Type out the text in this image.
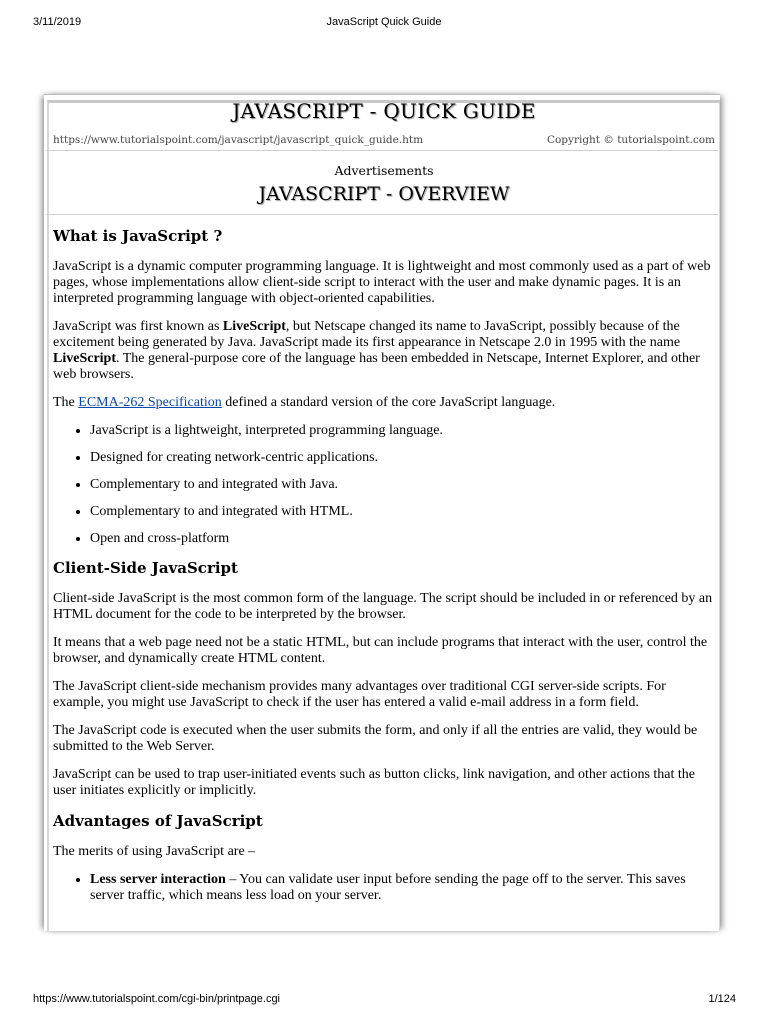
3/11/2019	JavaScript Quick Guide
JAVASCRIPT - QUICK GUIDE
https://www.tutorialspoint.com/javascript/javascript_quick_guide.htm	Copyright © tutorialspoint.com
Advertisements
JAVASCRIPT - OVERVIEW
What is JavaScript ?

JavaScript is a dynamic computer programming language. It is lightweight and most commonly used as a part of web pages, whose implementations allow client-side script to interact with the user and make dynamic pages. It is an interpreted programming language with object-oriented capabilities.

JavaScript was first known as LiveScript, but Netscape changed its name to JavaScript, possibly because of the excitement being generated by Java. JavaScript made its first appearance in Netscape 2.0 in 1995 with the name LiveScript. The general-purpose core of the language has been embedded in Netscape, Internet Explorer, and other web browsers.

The ECMA-262 Specification defined a standard version of the core JavaScript language.

• JavaScript is a lightweight, interpreted programming language.
• Designed for creating network-centric applications.
• Complementary to and integrated with Java.
• Complementary to and integrated with HTML.
• Open and cross-platform
Client-Side JavaScript

Client-side JavaScript is the most common form of the language. The script should be included in or referenced by an HTML document for the code to be interpreted by the browser.

It means that a web page need not be a static HTML, but can include programs that interact with the user, control the browser, and dynamically create HTML content.

The JavaScript client-side mechanism provides many advantages over traditional CGI server-side scripts. For example, you might use JavaScript to check if the user has entered a valid e-mail address in a form field.

The JavaScript code is executed when the user submits the form, and only if all the entries are valid, they would be submitted to the Web Server.

JavaScript can be used to trap user-initiated events such as button clicks, link navigation, and other actions that the user initiates explicitly or implicitly.

Advantages of JavaScript

The merits of using JavaScript are –

• Less server interaction – You can validate user input before sending the page off to the server. This saves server traffic, which means less load on your server.
https://www.tutorialspoint.com/cgi-bin/printpage.cgi	1/124
